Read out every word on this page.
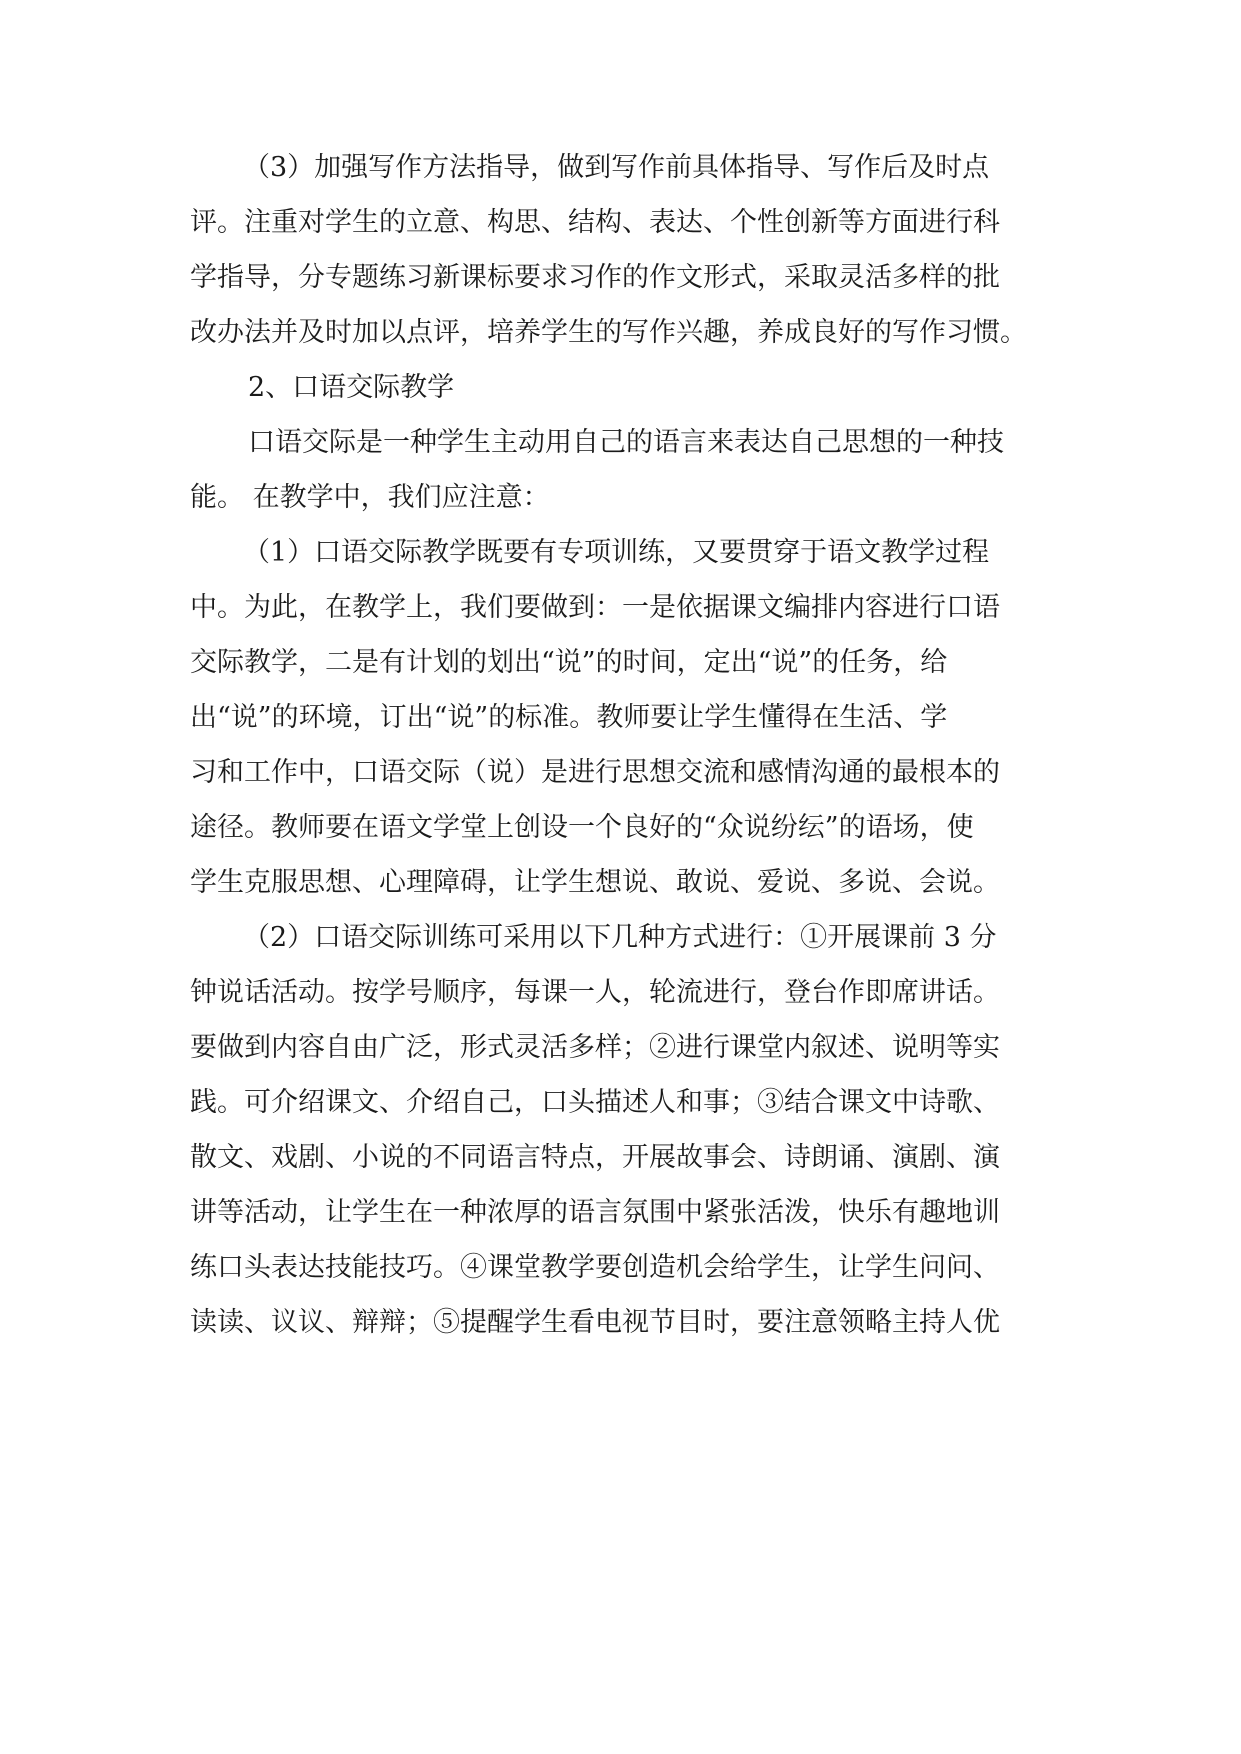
（3）加强写作方法指导，做到写作前具体指导、写作后及时点
评。注重对学生的立意、构思、结构、表达、个性创新等方面进行科
学指导，分专题练习新课标要求习作的作文形式，采取灵活多样的批
改办法并及时加以点评，培养学生的写作兴趣，养成良好的写作习惯。
2、口语交际教学
口语交际是一种学生主动用自己的语言来表达自己思想的一种技
能。 在教学中，我们应注意：
（1）口语交际教学既要有专项训练，又要贯穿于语文教学过程
中。为此，在教学上，我们要做到：一是依据课文编排内容进行口语
交际教学，二是有计划的划出“说”的时间，定出“说”的任务，给
出“说”的环境，订出“说”的标准。教师要让学生懂得在生活、学
习和工作中，口语交际（说）是进行思想交流和感情沟通的最根本的
途径。教师要在语文学堂上创设一个良好的“众说纷纭”的语场，使
学生克服思想、心理障碍，让学生想说、敢说、爱说、多说、会说。
（2）口语交际训练可采用以下几种方式进行：①开展课前 3 分
钟说话活动。按学号顺序，每课一人，轮流进行，登台作即席讲话。
要做到内容自由广泛，形式灵活多样；②进行课堂内叙述、说明等实
践。可介绍课文、介绍自己，口头描述人和事；③结合课文中诗歌、
散文、戏剧、小说的不同语言特点，开展故事会、诗朗诵、演剧、演
讲等活动，让学生在一种浓厚的语言氛围中紧张活泼，快乐有趣地训
练口头表达技能技巧。④课堂教学要创造机会给学生，让学生问问、
读读、议议、辩辩；⑤提醒学生看电视节目时，要注意领略主持人优
